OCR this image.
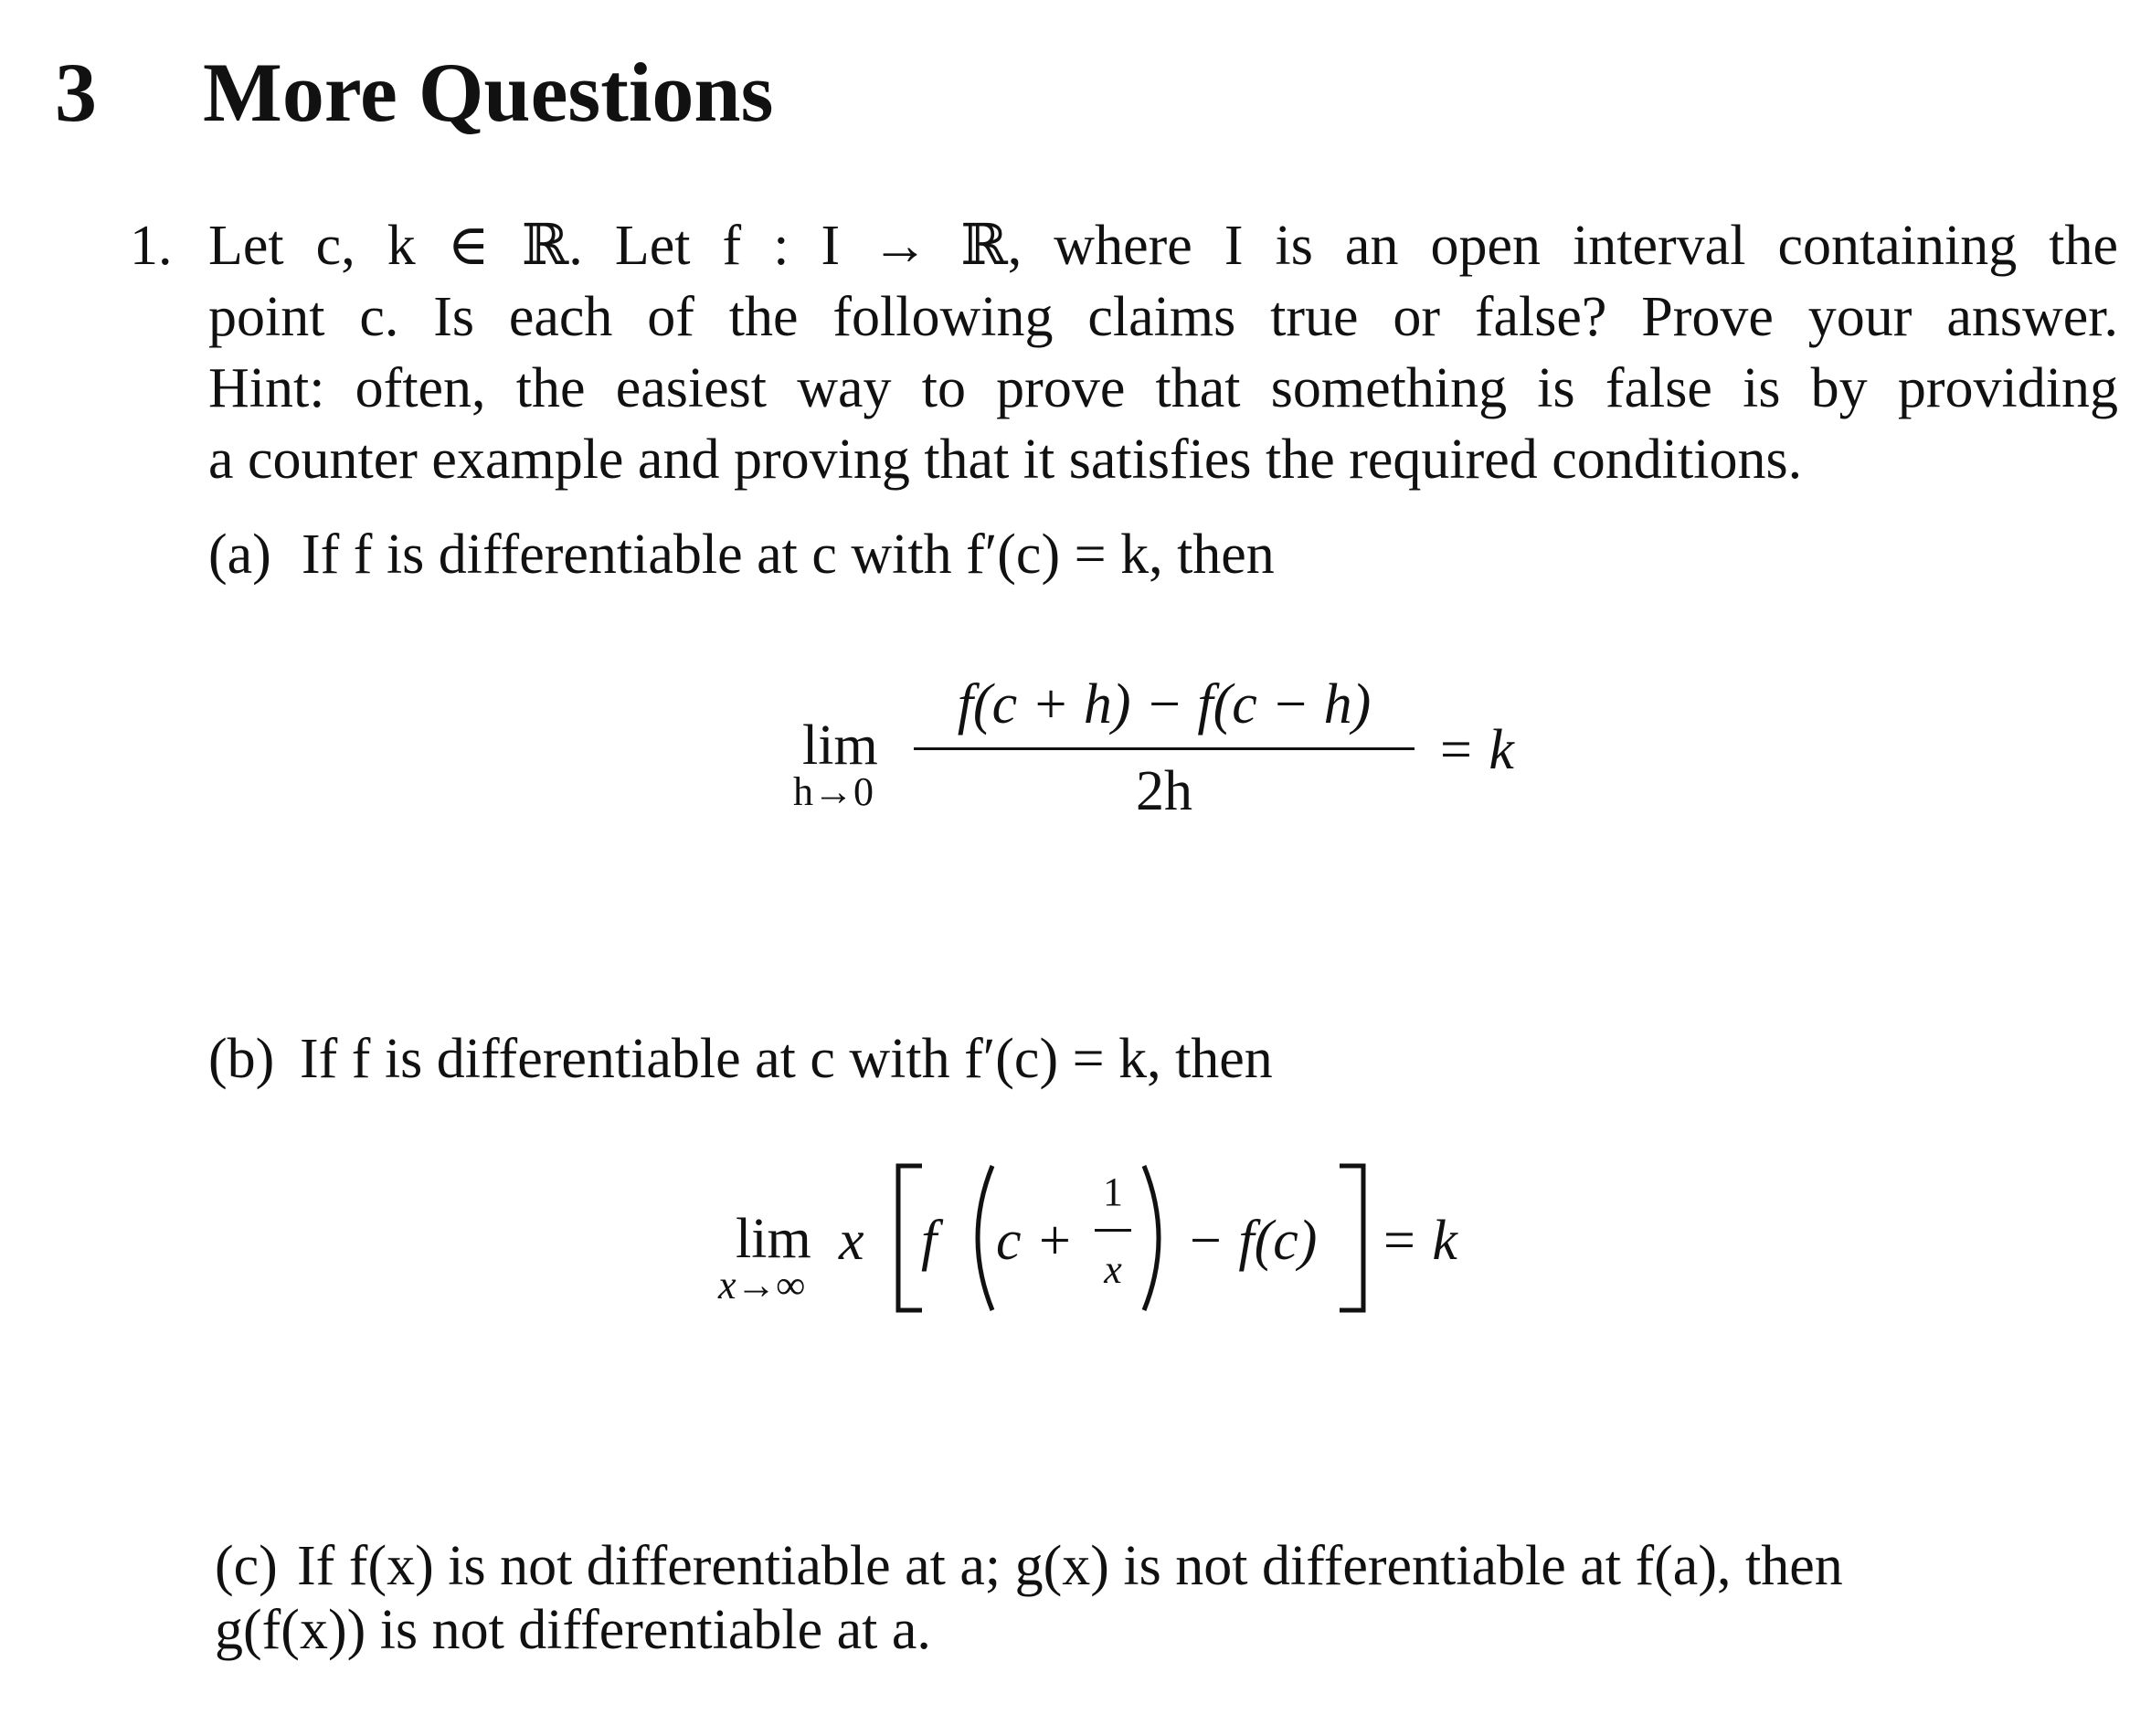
3 More Questions
1. Let c, k ∈ ℝ. Let f : I → ℝ, where I is an open interval containing the
point c. Is each of the following claims true or false? Prove your answer.
Hint: often, the easiest way to prove that something is false is by providing
a counter example and proving that it satisfies the required conditions.
(a) If f is differentiable at c with f′(c) = k, then
lim
h→0
f(c + h) − f(c − h)
2h
= k
(b) If f is differentiable at c with f′(c) = k, then
lim
x→∞
x f c +
1
x − f(c) = k
(c) If f(x) is not differentiable at a; g(x) is not differentiable at f(a), then
g(f(x)) is not differentiable at a.
